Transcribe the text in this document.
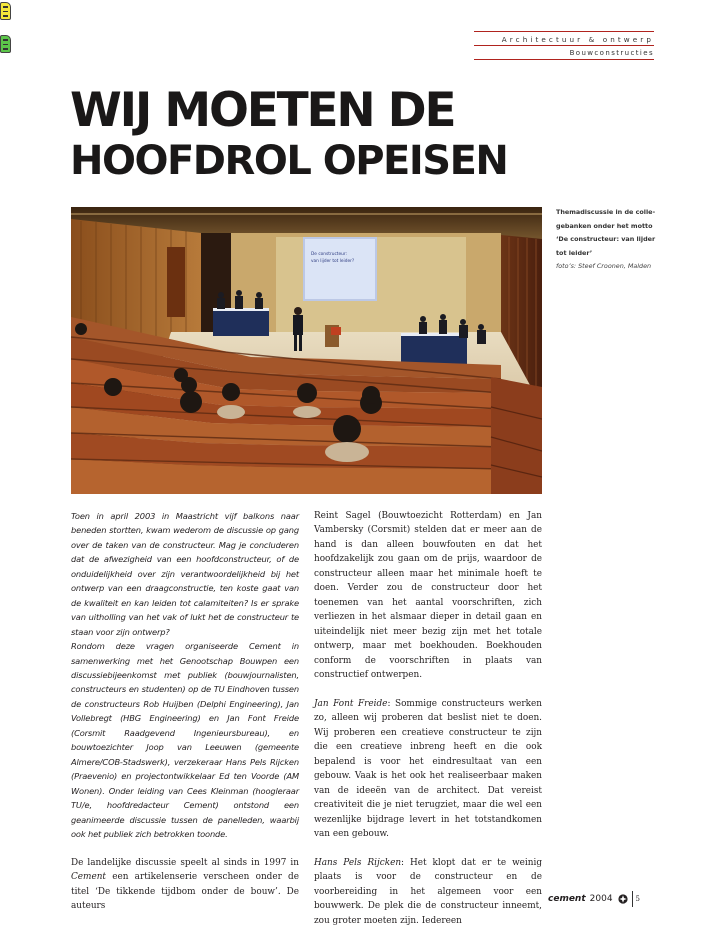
Architectuur & ontwerp
Bouwconstructies
WIJ MOETEN DE
HOOFDROL OPEISEN
De constructeur:
van lijder tot leider?
Themadiscussie in de colle-
gebanken onder het motto
‘De constructeur: van lijder
tot leider’
foto’s: Steef Croonen, Malden

Toen in april 2003 in Maastricht vijf balkons naar beneden stortten, kwam wederom de discussie op gang over de taken van de constructeur. Mag je concluderen dat de afwezigheid van een hoofdconstructeur, of de onduidelijkheid over zijn verantwoordelijkheid bij het ontwerp van een draagconstructie, ten koste gaat van de kwaliteit en kan leiden tot calamiteiten? Is er sprake van uitholling van het vak of lukt het de constructeur te staan voor zijn ontwerp?

Rondom deze vragen organiseerde Cement in samenwerking met het Genootschap Bouwpen een discussiebijeenkomst met publiek (bouwjournalisten, constructeurs en studenten) op de TU Eindhoven tussen de constructeurs Rob Huijben (Delphi Engineering), Jan Vollebregt (HBG Engineering) en Jan Font Freide (Corsmit Raadgevend Ingenieursbureau), en bouwtoezichter Joop van Leeuwen (gemeente Almere/COB-Stadswerk), verzekeraar Hans Pels Rijcken (Praevenio) en projectontwikkelaar Ed ten Voorde (AM Wonen). Onder leiding van Cees Kleinman (hoogleraar TU/e, hoofdredacteur Cement) ontstond een geanimeerde discussie tussen de panelleden, waarbij ook het publiek zich betrokken toonde.

De landelijke discussie speelt al sinds in 1997 in Cement een artikelenserie verscheen onder de titel ‘De tikkende tijdbom onder de bouw’. De auteurs

Reint Sagel (Bouwtoezicht Rotterdam) en Jan Vambersky (Corsmit) stelden dat er meer aan de hand is dan alleen bouwfouten en dat het hoofdzakelijk zou gaan om de prijs, waardoor de constructeur alleen maar het minimale hoeft te doen. Verder zou de constructeur door het toenemen van het aantal voorschriften, zich verliezen in het alsmaar dieper in detail gaan en uiteindelijk niet meer bezig zijn met het totale ontwerp, maar met boekhouden. Boekhouden conform de voorschriften in plaats van constructief ontwerpen.

Jan Font Freide: Sommige constructeurs werken zo, alleen wij proberen dat beslist niet te doen. Wij proberen een creatieve constructeur te zijn die een creatieve inbreng heeft en die ook bepalend is voor het eindresultaat van een gebouw. Vaak is het ook het realiseerbaar maken van de ideeën van de architect. Dat vereist creativiteit die je niet terugziet, maar die wel een wezenlijke bijdrage levert in het totstandkomen van een gebouw.

Hans Pels Rijcken: Het klopt dat er te weinig plaats is voor de constructeur en de voorbereiding in het algemeen voor een bouwwerk. De plek die de constructeur inneemt, zou groter moeten zijn. Iedereen

cement 2004	5
